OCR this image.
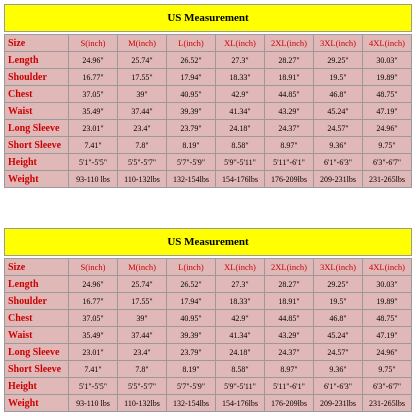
US Measurement							

Size	S(inch)	M(inch)	L(inch)	XL(inch)	2XL(inch)	3XL(inch)	4XL(inch)
Length	24.96"	25.74"	26.52"	27.3"	28.27"	29.25"	30.03"
Shoulder	16.77"	17.55"	17.94"	18.33"	18.91"	19.5"	19.89"
Chest	37.05"	39"	40.95"	42.9"	44.85"	46.8"	48.75"
Waist	35.49"	37.44"	39.39"	41.34"	43.29"	45.24"	47.19"
Long Sleeve	23.01"	23.4"	23.79"	24.18"	24.37"	24.57"	24.96"
Short Sleeve	7.41"	7.8"	8.19"	8.58"	8.97"	9.36"	9.75"
Height	5'1"-5'5"	5'5"-5'7"	5'7"-5'9"	5'9"-5'11"	5'11"-6'1"	6'1"-6'3"	6'3"-6'7"
Weight	93-110 lbs	110-132lbs	132-154lbs	154-176lbs	176-209lbs	209-231lbs	231-265lbs
US Measurement							

Size	S(inch)	M(inch)	L(inch)	XL(inch)	2XL(inch)	3XL(inch)	4XL(inch)
Length	24.96"	25.74"	26.52"	27.3"	28.27"	29.25"	30.03"
Shoulder	16.77"	17.55"	17.94"	18.33"	18.91"	19.5"	19.89"
Chest	37.05"	39"	40.95"	42.9"	44.85"	46.8"	48.75"
Waist	35.49"	37.44"	39.39"	41.34"	43.29"	45.24"	47.19"
Long Sleeve	23.01"	23.4"	23.79"	24.18"	24.37"	24.57"	24.96"
Short Sleeve	7.41"	7.8"	8.19"	8.58"	8.97"	9.36"	9.75"
Height	5'1"-5'5"	5'5"-5'7"	5'7"-5'9"	5'9"-5'11"	5'11"-6'1"	6'1"-6'3"	6'3"-6'7"
Weight	93-110 lbs	110-132lbs	132-154lbs	154-176lbs	176-209lbs	209-231lbs	231-265lbs
